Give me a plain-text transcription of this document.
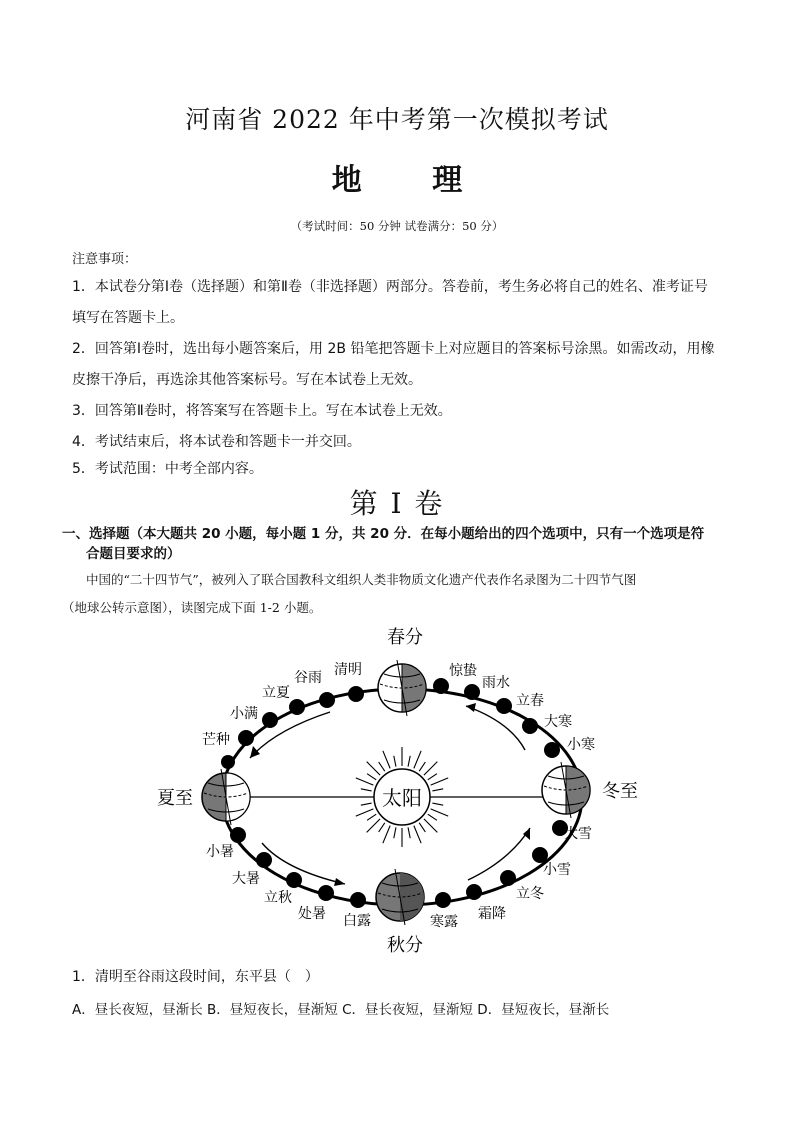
河南省 2022 年中考第一次模拟考试
地 理
（考试时间：50 分钟 试卷满分：50 分）
注意事项：
1．本试卷分第Ⅰ卷（选择题）和第Ⅱ卷（非选择题）两部分。答卷前，考生务必将自己的姓名、准考证号
填写在答题卡上。
2．回答第Ⅰ卷时，选出每小题答案后，用 2B 铅笔把答题卡上对应题目的答案标号涂黑。如需改动，用橡
皮擦干净后，再选涂其他答案标号。写在本试卷上无效。
3．回答第Ⅱ卷时，将答案写在答题卡上。写在本试卷上无效。
4．考试结束后，将本试卷和答题卡一并交回。
5．考试范围：中考全部内容。
第 I 卷
一、选择题（本大题共 20 小题，每小题 1 分，共 20 分．在每小题给出的四个选项中，只有一个选项是符
合题目要求的）
中国的“二十四节气”，被列入了联合国教科文组织人类非物质文化遗产代表作名录图为二十四节气图
（地球公转示意图），读图完成下面 1-2 小题。
太阳
春分
夏至
秋分
冬至
清明
谷雨
立夏
小满
芒种
小暑
大暑
立秋
处暑 白露	寒露 霜降
立冬
小雪
大雪
小寒
大寒
立春
雨水
惊蛰
1．清明至谷雨这段时间，东平县（　）
A．昼长夜短，昼渐长 B．昼短夜长，昼渐短 C．昼长夜短，昼渐短 D．昼短夜长，昼渐长
